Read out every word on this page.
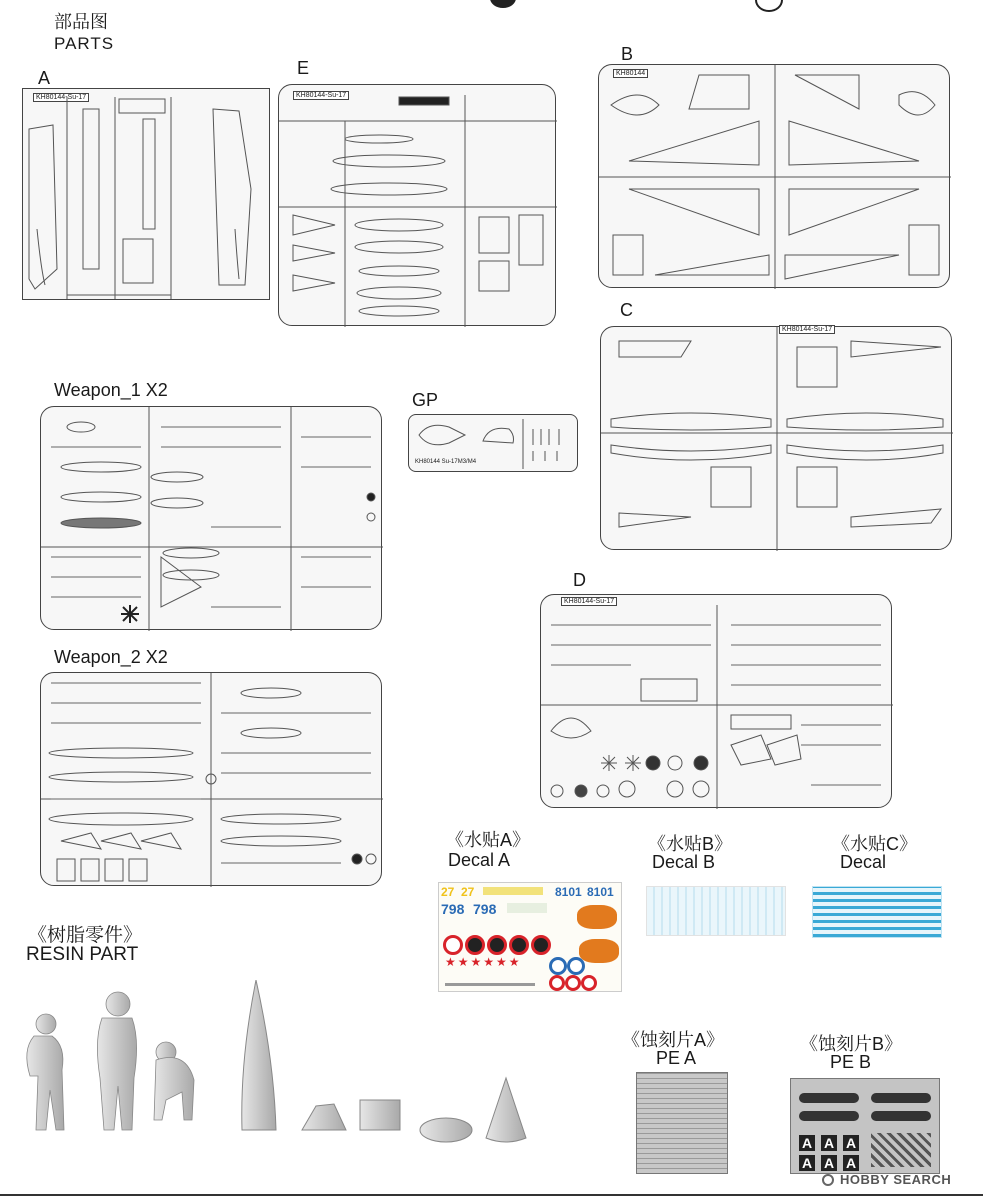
部品图
PARTS
A
KH80144-Su-17
E
KH80144-Su-17
B
KH80144
C
KH80144-Su-17
Weapon_1 X2	GP
KH80144 Su-17M3/M4
D
KH80144-Su-17
Weapon_2 X2
《水贴A》
Decal A
27 27	8101 8101
798 798
★★★★★★
《水贴B》
Decal B
《水贴C》
Decal
《树脂零件》
RESIN PART
《蚀刻片A》
PE A
《蚀刻片B》
PE B
A A A
A A A
HOBBY SEARCH
